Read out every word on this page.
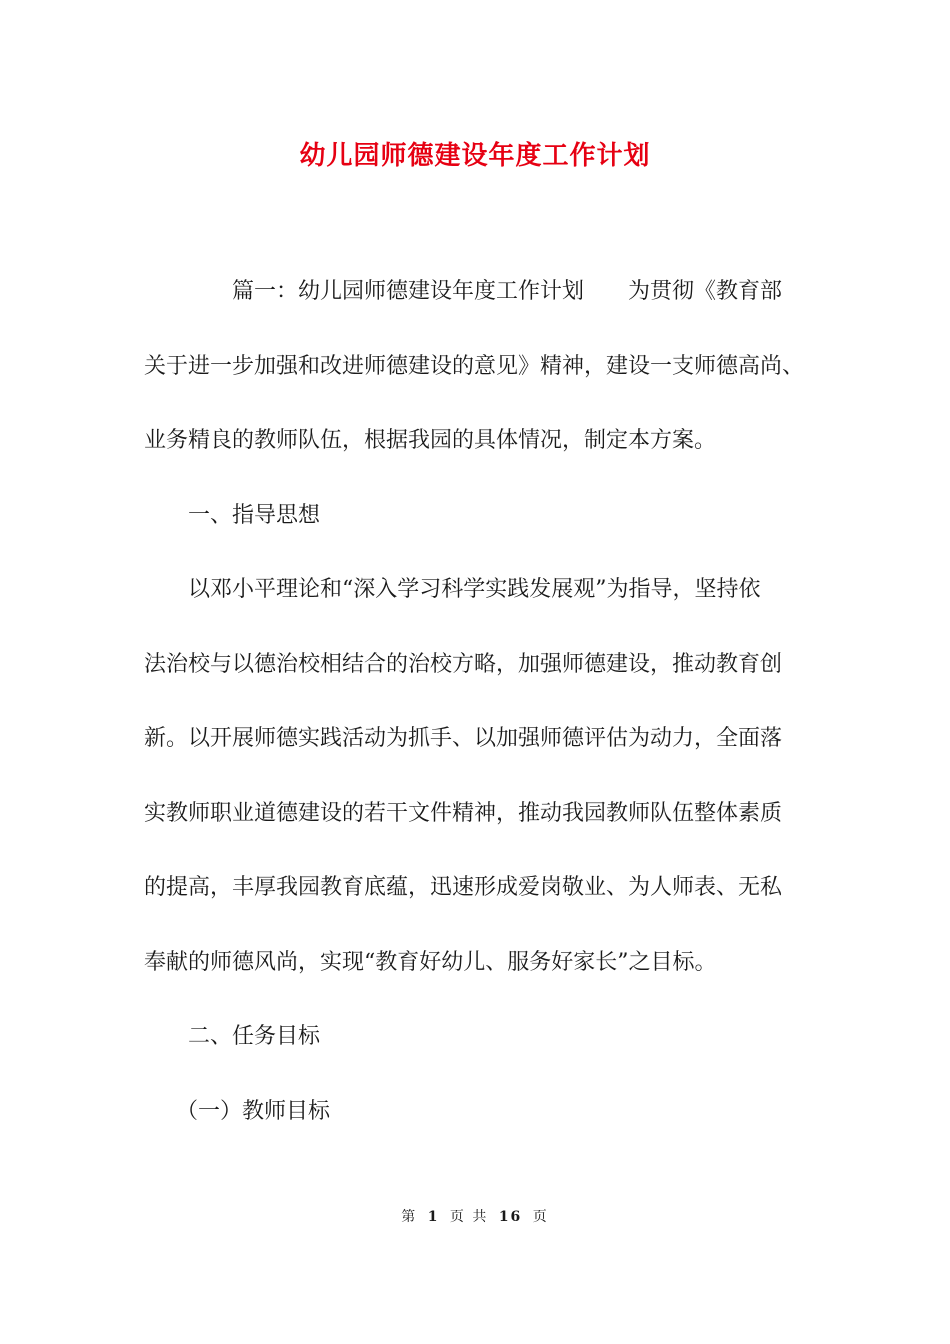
幼儿园师德建设年度工作计划
篇一：幼儿园师德建设年度工作计划　　为贯彻《教育部
关于进一步加强和改进师德建设的意见》精神，建设一支师德高尚、
业务精良的教师队伍，根据我园的具体情况，制定本方案。
一、指导思想
以邓小平理论和“深入学习科学实践发展观”为指导，坚持依
法治校与以德治校相结合的治校方略，加强师德建设，推动教育创
新。以开展师德实践活动为抓手、以加强师德评估为动力，全面落
实教师职业道德建设的若干文件精神，推动我园教师队伍整体素质
的提高，丰厚我园教育底蕴，迅速形成爱岗敬业、为人师表、无私
奉献的师德风尚，实现“教育好幼儿、服务好家长”之目标。
二、任务目标
（一）教师目标
第 1 页 共 16 页
